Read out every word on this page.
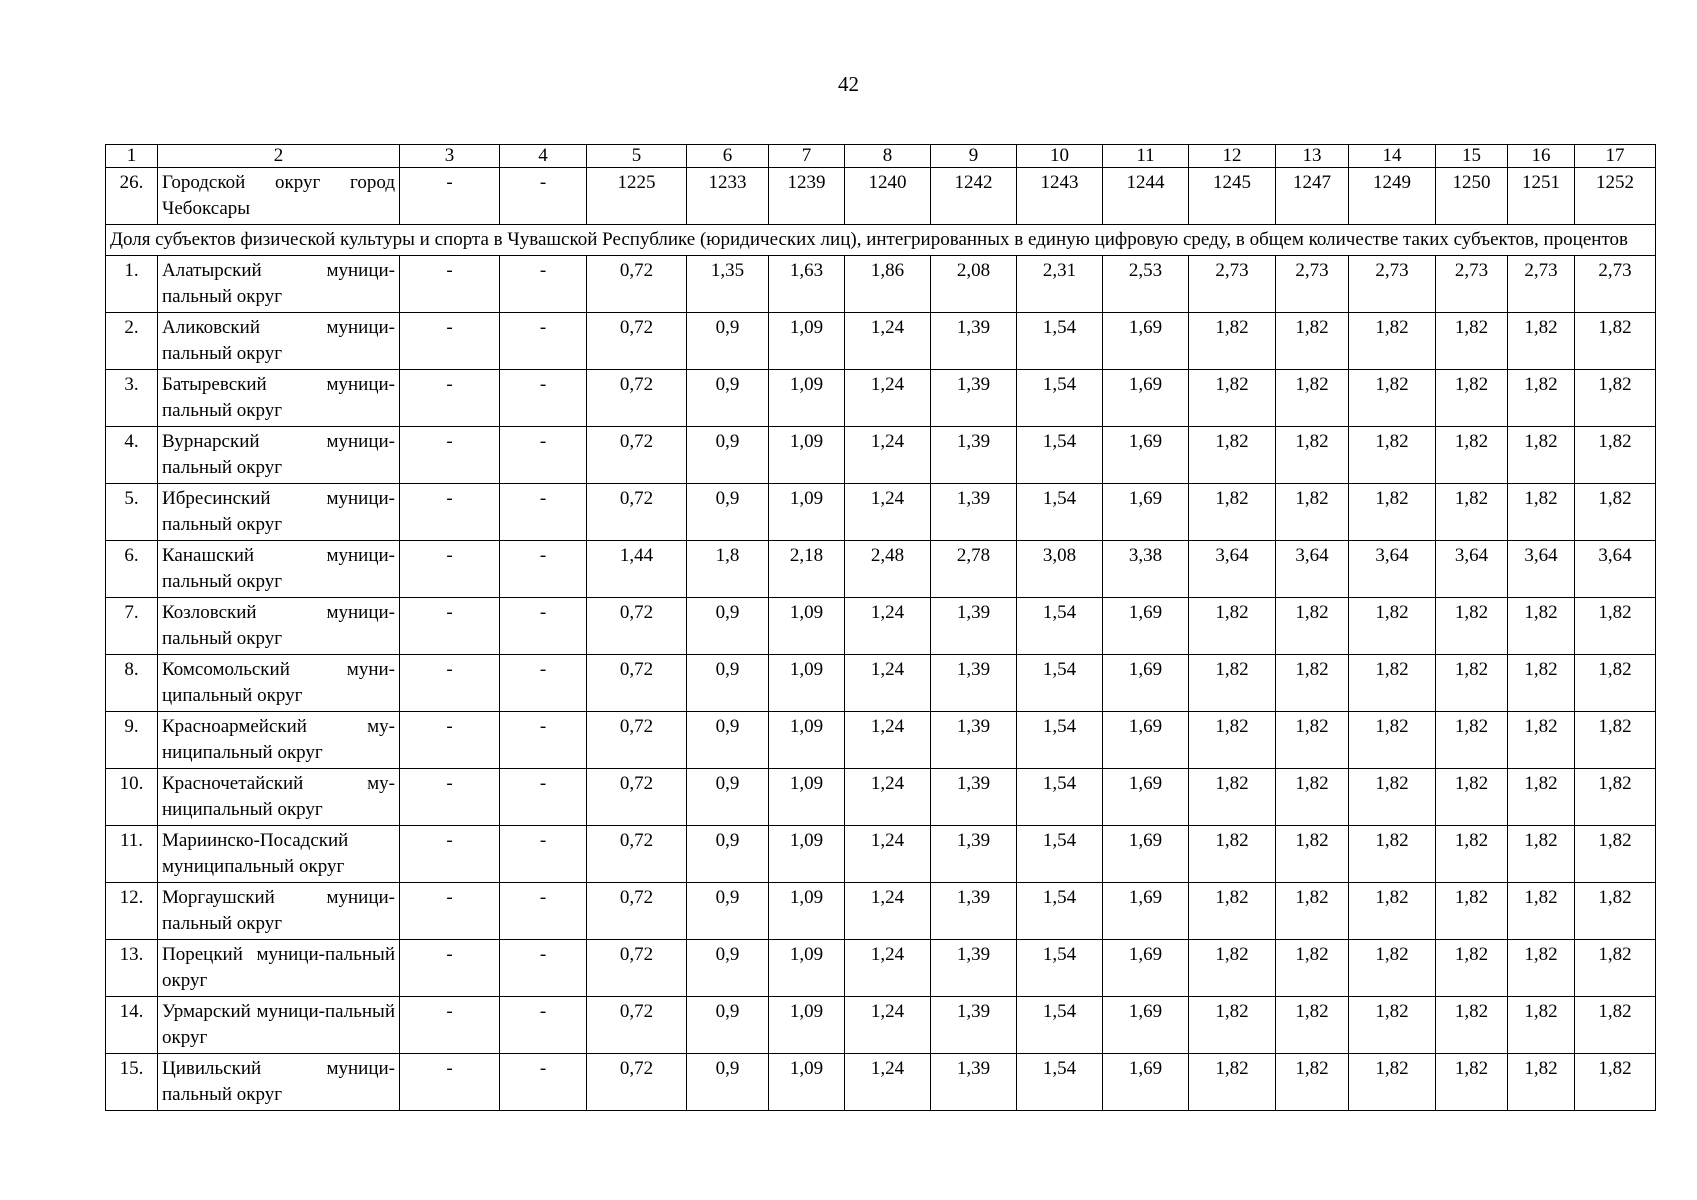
42
1	2	3	4	5	6	7	8	9	10	11	12	13	14	15	16	17
26.	Городской округ город Чебоксары	-	-	1225	1233	1239	1240	1242	1243	1244	1245	1247	1249	1250	1251	1252
Доля субъектов физической культуры и спорта в Чувашской Республике (юридических лиц), интегрированных в единую цифровую среду, в общем количестве таких субъектов, процентов																
1.	Алатырский муници-пальный округ	-	-	0,72	1,35	1,63	1,86	2,08	2,31	2,53	2,73	2,73	2,73	2,73	2,73	2,73
2.	Аликовский муници-пальный округ	-	-	0,72	0,9	1,09	1,24	1,39	1,54	1,69	1,82	1,82	1,82	1,82	1,82	1,82
3.	Батыревский муници-пальный округ	-	-	0,72	0,9	1,09	1,24	1,39	1,54	1,69	1,82	1,82	1,82	1,82	1,82	1,82
4.	Вурнарский муници-пальный округ	-	-	0,72	0,9	1,09	1,24	1,39	1,54	1,69	1,82	1,82	1,82	1,82	1,82	1,82
5.	Ибресинский муници-пальный округ	-	-	0,72	0,9	1,09	1,24	1,39	1,54	1,69	1,82	1,82	1,82	1,82	1,82	1,82
6.	Канашский муници-пальный округ	-	-	1,44	1,8	2,18	2,48	2,78	3,08	3,38	3,64	3,64	3,64	3,64	3,64	3,64
7.	Козловский муници-пальный округ	-	-	0,72	0,9	1,09	1,24	1,39	1,54	1,69	1,82	1,82	1,82	1,82	1,82	1,82
8.	Комсомольский муни-ципальный округ	-	-	0,72	0,9	1,09	1,24	1,39	1,54	1,69	1,82	1,82	1,82	1,82	1,82	1,82
9.	Красноармейский му-ниципальный округ	-	-	0,72	0,9	1,09	1,24	1,39	1,54	1,69	1,82	1,82	1,82	1,82	1,82	1,82
10.	Красночетайский му-ниципальный округ	-	-	0,72	0,9	1,09	1,24	1,39	1,54	1,69	1,82	1,82	1,82	1,82	1,82	1,82
11.	Мариинско-Посадский муниципальный округ	-	-	0,72	0,9	1,09	1,24	1,39	1,54	1,69	1,82	1,82	1,82	1,82	1,82	1,82
12.	Моргаушский муници-пальный округ	-	-	0,72	0,9	1,09	1,24	1,39	1,54	1,69	1,82	1,82	1,82	1,82	1,82	1,82
13.	Порецкий муници-пальный округ	-	-	0,72	0,9	1,09	1,24	1,39	1,54	1,69	1,82	1,82	1,82	1,82	1,82	1,82
14.	Урмарский муници-пальный округ	-	-	0,72	0,9	1,09	1,24	1,39	1,54	1,69	1,82	1,82	1,82	1,82	1,82	1,82
15.	Цивильский муници-пальный округ	-	-	0,72	0,9	1,09	1,24	1,39	1,54	1,69	1,82	1,82	1,82	1,82	1,82	1,82
